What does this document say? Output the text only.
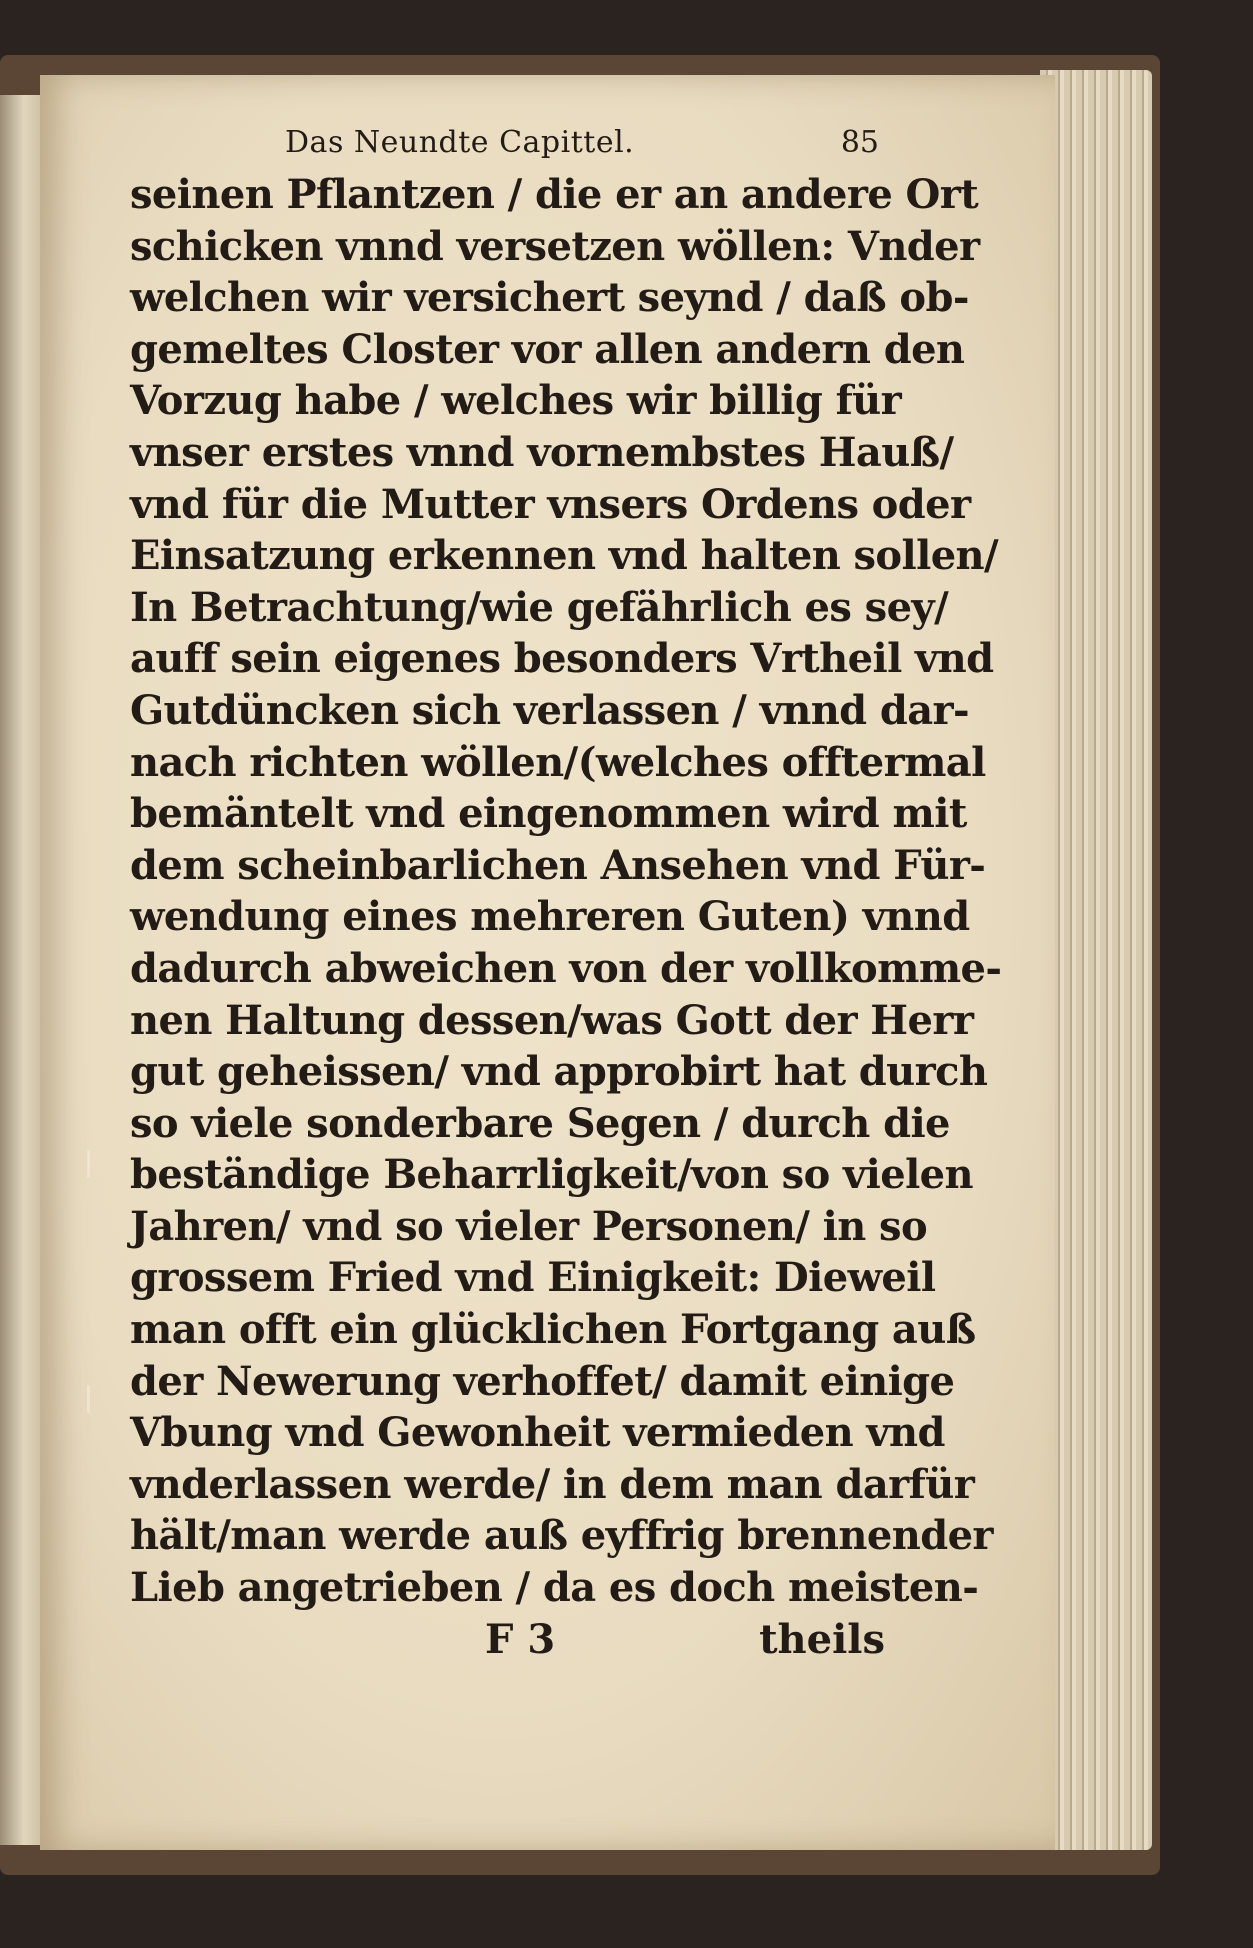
Das Neundte Capittel.	85
seinen Pflantzen / die er an andere Ort
schicken vnnd versetzen wöllen: Vnder
welchen wir versichert seynd / daß ob-
gemeltes Closter vor allen andern den
Vorzug habe / welches wir billig für
vnser erstes vnnd vornembstes Hauß/
vnd für die Mutter vnsers Ordens oder
Einsatzung erkennen vnd halten sollen/
In Betrachtung/wie gefährlich es sey/
auff sein eigenes besonders Vrtheil vnd
Gutdüncken sich verlassen / vnnd dar-
nach richten wöllen/(welches offtermal
bemäntelt vnd eingenommen wird mit
dem scheinbarlichen Ansehen vnd Für-
wendung eines mehreren Guten) vnnd
dadurch abweichen von der vollkomme-
nen Haltung dessen/was Gott der Herr
gut geheissen/ vnd approbirt hat durch
so viele sonderbare Segen / durch die
beständige Beharrligkeit/von so vielen
Jahren/ vnd so vieler Personen/ in so
grossem Fried vnd Einigkeit: Dieweil
man offt ein glücklichen Fortgang auß
der Newerung verhoffet/ damit einige
Vbung vnd Gewonheit vermieden vnd
vnderlassen werde/ in dem man darfür
hält/man werde auß eyffrig brennender
Lieb angetrieben / da es doch meisten-
F 3	theils
